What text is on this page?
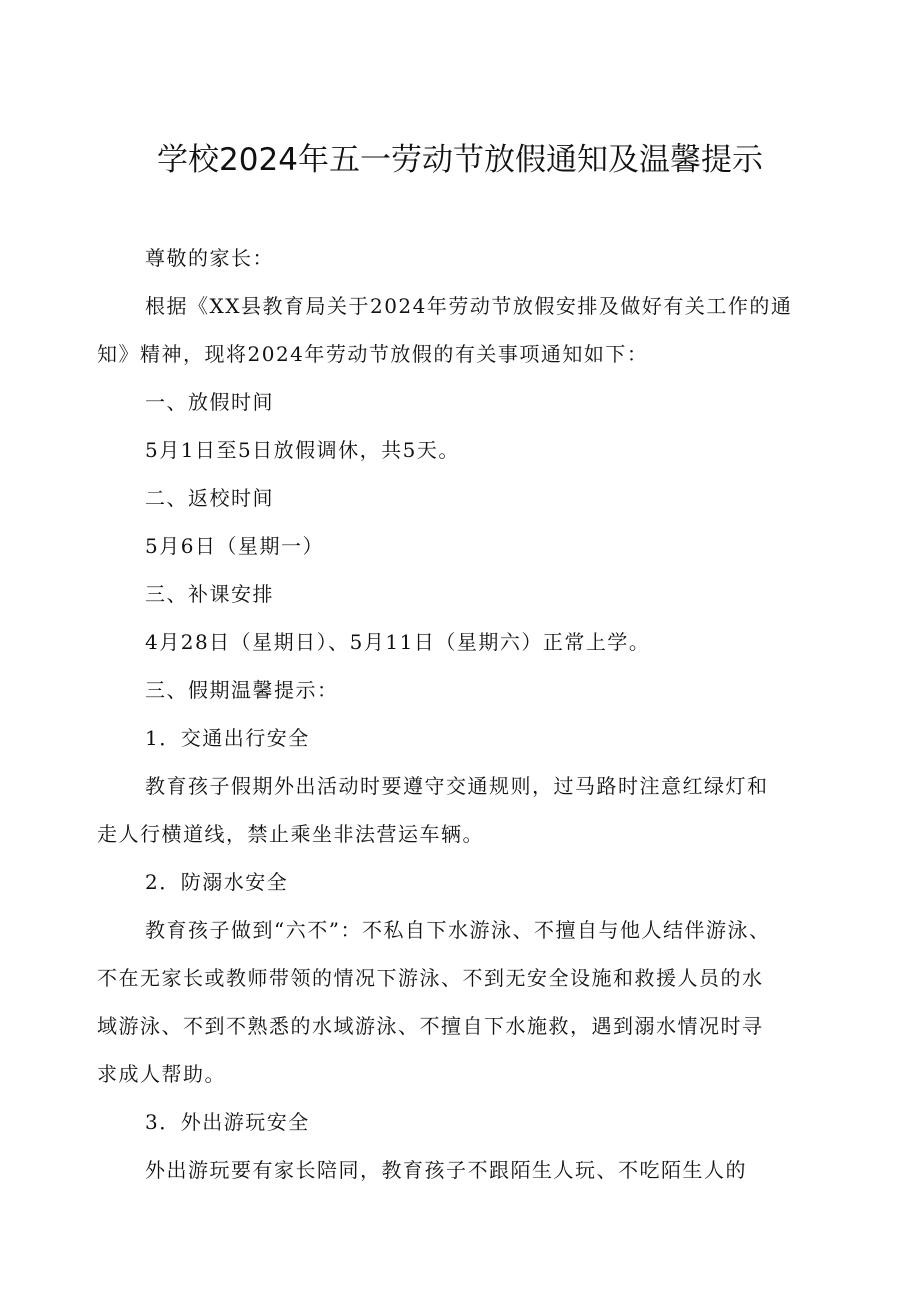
学校2024年五一劳动节放假通知及温馨提示

尊敬的家长：

根据《XX县教育局关于2024年劳动节放假安排及做好有关工作的通

知》精神，现将2024年劳动节放假的有关事项通知如下：

一、放假时间

5月1日至5日放假调休，共5天。

二、返校时间

5月6日（星期一）

三、补课安排

4月28日（星期日）、5月11日（星期六）正常上学。

三、假期温馨提示：

1．交通出行安全

教育孩子假期外出活动时要遵守交通规则，过马路时注意红绿灯和

走人行横道线，禁止乘坐非法营运车辆。

2．防溺水安全

教育孩子做到“六不”：不私自下水游泳、不擅自与他人结伴游泳、

不在无家长或教师带领的情况下游泳、不到无安全设施和救援人员的水

域游泳、不到不熟悉的水域游泳、不擅自下水施救，遇到溺水情况时寻

求成人帮助。

3．外出游玩安全

外出游玩要有家长陪同，教育孩子不跟陌生人玩、不吃陌生人的
